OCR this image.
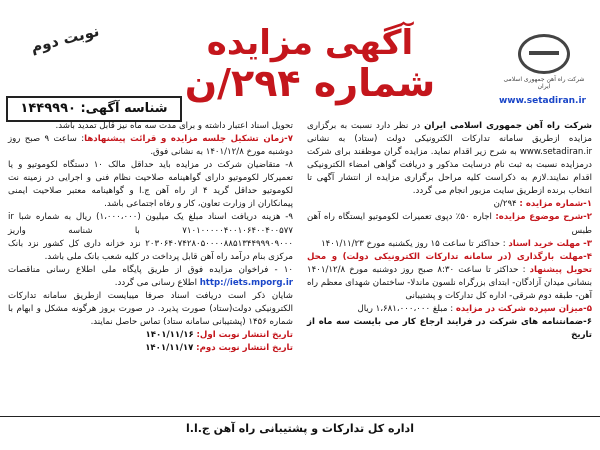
شرکت راه آهن جمهوری اسلامی ایران
آگهی مزایده
شماره ۲۹۴/ن
نوبت دوم
شناسه آگهی: ۱۴۴۹۹۹۰	www.setadiran.ir

شرکت راه آهن جمهوری اسلامی ایران در نظر دارد نسبت به برگزاری مزایده ازطریق سامانه تدارکات الکترونیکی دولت (ستاد) به نشانی www.setadiran.ir به شرح زیر اقدام نماید. مزایده گران موظفند برای شرکت درمزایده نسبت به ثبت نام درسایت مذکور و دریافت گواهی امضاء الکترونیکی اقدام نمایند.لازم به ذکراست کلیه مراحل برگزاری مزایده از انتشار آگهی تا انتخاب برنده ازطریق سایت مزبور انجام می گردد.

۱-شماره مزایده : ۲۹۴/ن

۲-شرح موضوع مزایده: اجاره ۵۰٪ دپوی تعمیرات لکوموتیو ایستگاه راه آهن طبس

۳- مهلت خرید اسناد : حداکثر تا ساعت ۱۵ روز یکشنبه مورخ ۱۴۰۱/۱۱/۲۳

۴-مهلت بارگذاری (در سامانه تدارکات الکترونیکی دولت) و محل تحویل پیشنهاد : حداکثر تا ساعت ۸:۳۰ صبح روز دوشنبه مورخ ۱۴۰۱/۱۲/۸ بنشانی میدان آزادگان- ابتدای بزرگراه نلسون ماندلا- ساختمان شهدای معظم راه آهن- طبقه دوم شرقی- اداره کل تدارکات و پشتیبانی

۵-میزان سپرده شرکت در مزایده : مبلغ ۱،۶۸۱،۰۰۰،۰۰۰ ریال

۶-ضمانتنامه های شرکت در فرایند ارجاع کار می بایست سه ماه از تاریخ

تحویل اسناد اعتبار داشته و برای مدت سه ماه نیز قابل تمدید باشد.

۷-زمان تشکیل جلسه مزایده و قرائت پیشنهادها: ساعت ۹ صبح روز دوشنبه مورخ ۱۴۰۱/۱۲/۸ به نشانی فوق.

۸- متقاضیان شرکت در مزایده باید حداقل مالک ۱۰ دستگاه لکوموتیو و یا تعمیرکار لکوموتیو دارای گواهینامه صلاحیت نظام فنی و اجرایی در زمینه نت لکوموتیو حداقل گرید ۴ از راه آهن ج.ا و گواهینامه معتبر صلاحیت ایمنی پیمانکاران از وزارت تعاون، کار و رفاه اجتماعی باشد.

۹- هزینه دریافت اسناد مبلغ یک میلیون (۱،۰۰۰،۰۰۰) ریال به شماره شبا ir ۷۱۰۱۰۰۰۰۰۴۰۰۱۰۶۴۰۰۴۰۰۵۷۷ با شناسه واریز ۲۰۳۰۶۴۰۷۴۲۸۰۵۰۰۰۰۸۸۵۱۳۴۴۹۹۹۰۹۰۰۰ نزد خزانه داری کل کشور نزد بانک مرکزی بنام درآمد راه آهن قابل پرداخت در کلیه شعب بانک ملی باشد.

۱۰ - فراخوان مزایده فوق از طریق پایگاه ملی اطلاع رسانی مناقصات http://iets.mporg.ir اطلاع رسانی می گردد.

شایان ذکر است دریافت اسناد صرفا میبایست ازطریق سامانه تدارکات الکترونیکی دولت(ستاد) صورت پذیرد. در صورت بروز هرگونه مشکل و ابهام با شماره ۱۴۵۶ (پشتیبانی سامانه ستاد) تماس حاصل نمایند.

تاریخ انتشار نوبت اول: ۱۴۰۱/۱۱/۱۶

تاریخ انتشار نوبت دوم: ۱۴۰۱/۱۱/۱۷

اداره کل تدارکات و پشتیبانی راه آهن ج.ا.ا
